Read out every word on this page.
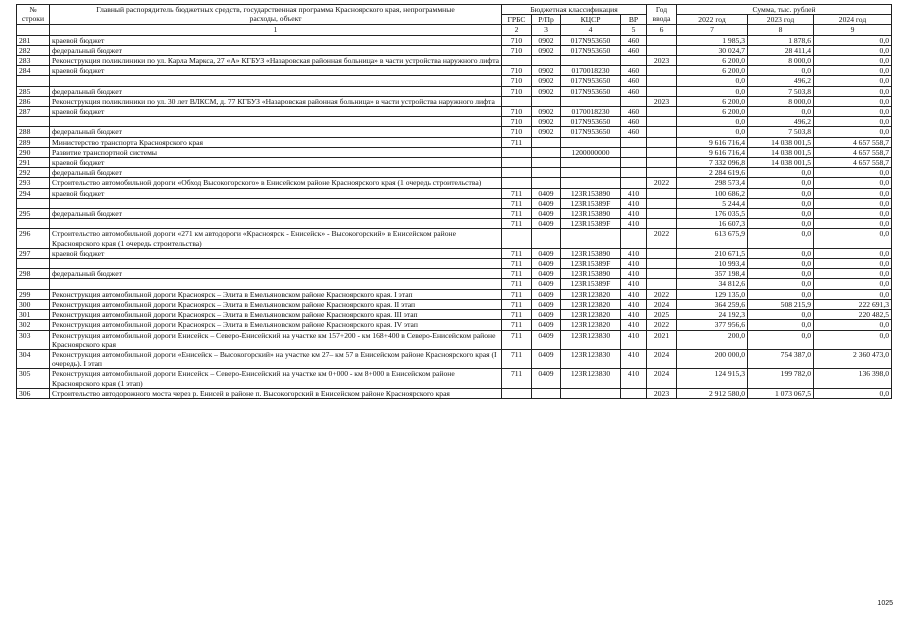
№
строки	Главный распорядитель бюджетных средств, государственная программа Красноярского края, непрограммные
расходы, объект	Бюджетная классификация				Год
ввода	Сумма, тыс. рублей		
		ГРБС	Р/Пр	КЦСР	ВР		2022 год	2023 год	2024 год
	1	2	3	4	5	6	7	8	9
281	краевой бюджет	710	0902	017N953650	460		1 985,3	1 878,6	0,0
282	федеральный бюджет	710	0902	017N953650	460		30 024,7	28 411,4	0,0
283	Реконструкция поликлиники по ул. Карла Маркса, 27 «А» КГБУЗ «Назаровская районная больница» в части устройства наружного лифта					2023	6 200,0	8 000,0	0,0
284	краевой бюджет	710	0902	0170018230	460		6 200,0	0,0	0,0
		710	0902	017N953650	460		0,0	496,2	0,0
285	федеральный бюджет	710	0902	017N953650	460		0,0	7 503,8	0,0
286	Реконструкция поликлиники по ул. 30 лет ВЛКСМ, д. 77 КГБУЗ «Назаровская районная больница» в части устройства наружного лифта					2023	6 200,0	8 000,0	0,0
287	краевой бюджет	710	0902	0170018230	460		6 200,0	0,0	0,0
		710	0902	017N953650	460		0,0	496,2	0,0
288	федеральный бюджет	710	0902	017N953650	460		0,0	7 503,8	0,0
289	Министерство транспорта Красноярского края	711					9 616 716,4	14 038 001,5	4 657 558,7
290	Развитие транспортной системы			1200000000			9 616 716,4	14 038 001,5	4 657 558,7
291	краевой бюджет						7 332 096,8	14 038 001,5	4 657 558,7
292	федеральный бюджет						2 284 619,6	0,0	0,0
293	Строительство автомобильной дороги «Обход Высокогорского» в Енисейском районе Красноярского края (1 очередь строительства)					2022	298 573,4	0,0	0,0
294	краевой бюджет	711	0409	123R153890	410		100 686,2	0,0	0,0
		711	0409	123R15389F	410		5 244,4	0,0	0,0
295	федеральный бюджет	711	0409	123R153890	410		176 035,5	0,0	0,0
		711	0409	123R15389F	410		16 607,3	0,0	0,0
296	Строительство автомобильной дороги «271 км автодороги «Красноярск - Енисейск» - Высокогорский» в Енисейском районе Красноярского края (1 очередь строительства)					2022	613 675,9	0,0	0,0
297	краевой бюджет	711	0409	123R153890	410		210 671,5	0,0	0,0
		711	0409	123R15389F	410		10 993,4	0,0	0,0
298	федеральный бюджет	711	0409	123R153890	410		357 198,4	0,0	0,0
		711	0409	123R15389F	410		34 812,6	0,0	0,0
299	Реконструкция автомобильной дороги Красноярск – Элита в Емельяновском районе Красноярского края. I этап	711	0409	123R123820	410	2022	129 135,0	0,0	0,0
300	Реконструкция автомобильной дороги Красноярск – Элита в Емельяновском районе Красноярского края. II этап	711	0409	123R123820	410	2024	364 259,6	508 215,9	222 691,3
301	Реконструкция автомобильной дороги Красноярск – Элита в Емельяновском районе Красноярского края. III этап	711	0409	123R123820	410	2025	24 192,3	0,0	220 482,5
302	Реконструкция автомобильной дороги Красноярск – Элита в Емельяновском районе Красноярского края. IV этап	711	0409	123R123820	410	2022	377 956,6	0,0	0,0
303	Реконструкция автомобильной дороги Енисейск – Северо-Енисейский на участке км 157+200 - км 168+400 в Северо-Енисейском районе Красноярского края	711	0409	123R123830	410	2021	200,0	0,0	0,0
304	Реконструкция автомобильной дороги «Енисейск – Высокогорский» на участке км 27– км 57 в Енисейском районе Красноярского края (I очередь). I этап	711	0409	123R123830	410	2024	200 000,0	754 387,0	2 360 473,0
305	Реконструкция автомобильной дороги Енисейск – Северо-Енисейский на участке км 0+000 - км 8+000 в Енисейском районе Красноярского края (1 этап)	711	0409	123R123830	410	2024	124 915,3	199 782,0	136 398,0
306	Строительство автодорожного моста через р. Енисей в районе п. Высокогорский в Енисейском районе Красноярского края					2023	2 912 580,0	1 073 067,5	0,0
1025
